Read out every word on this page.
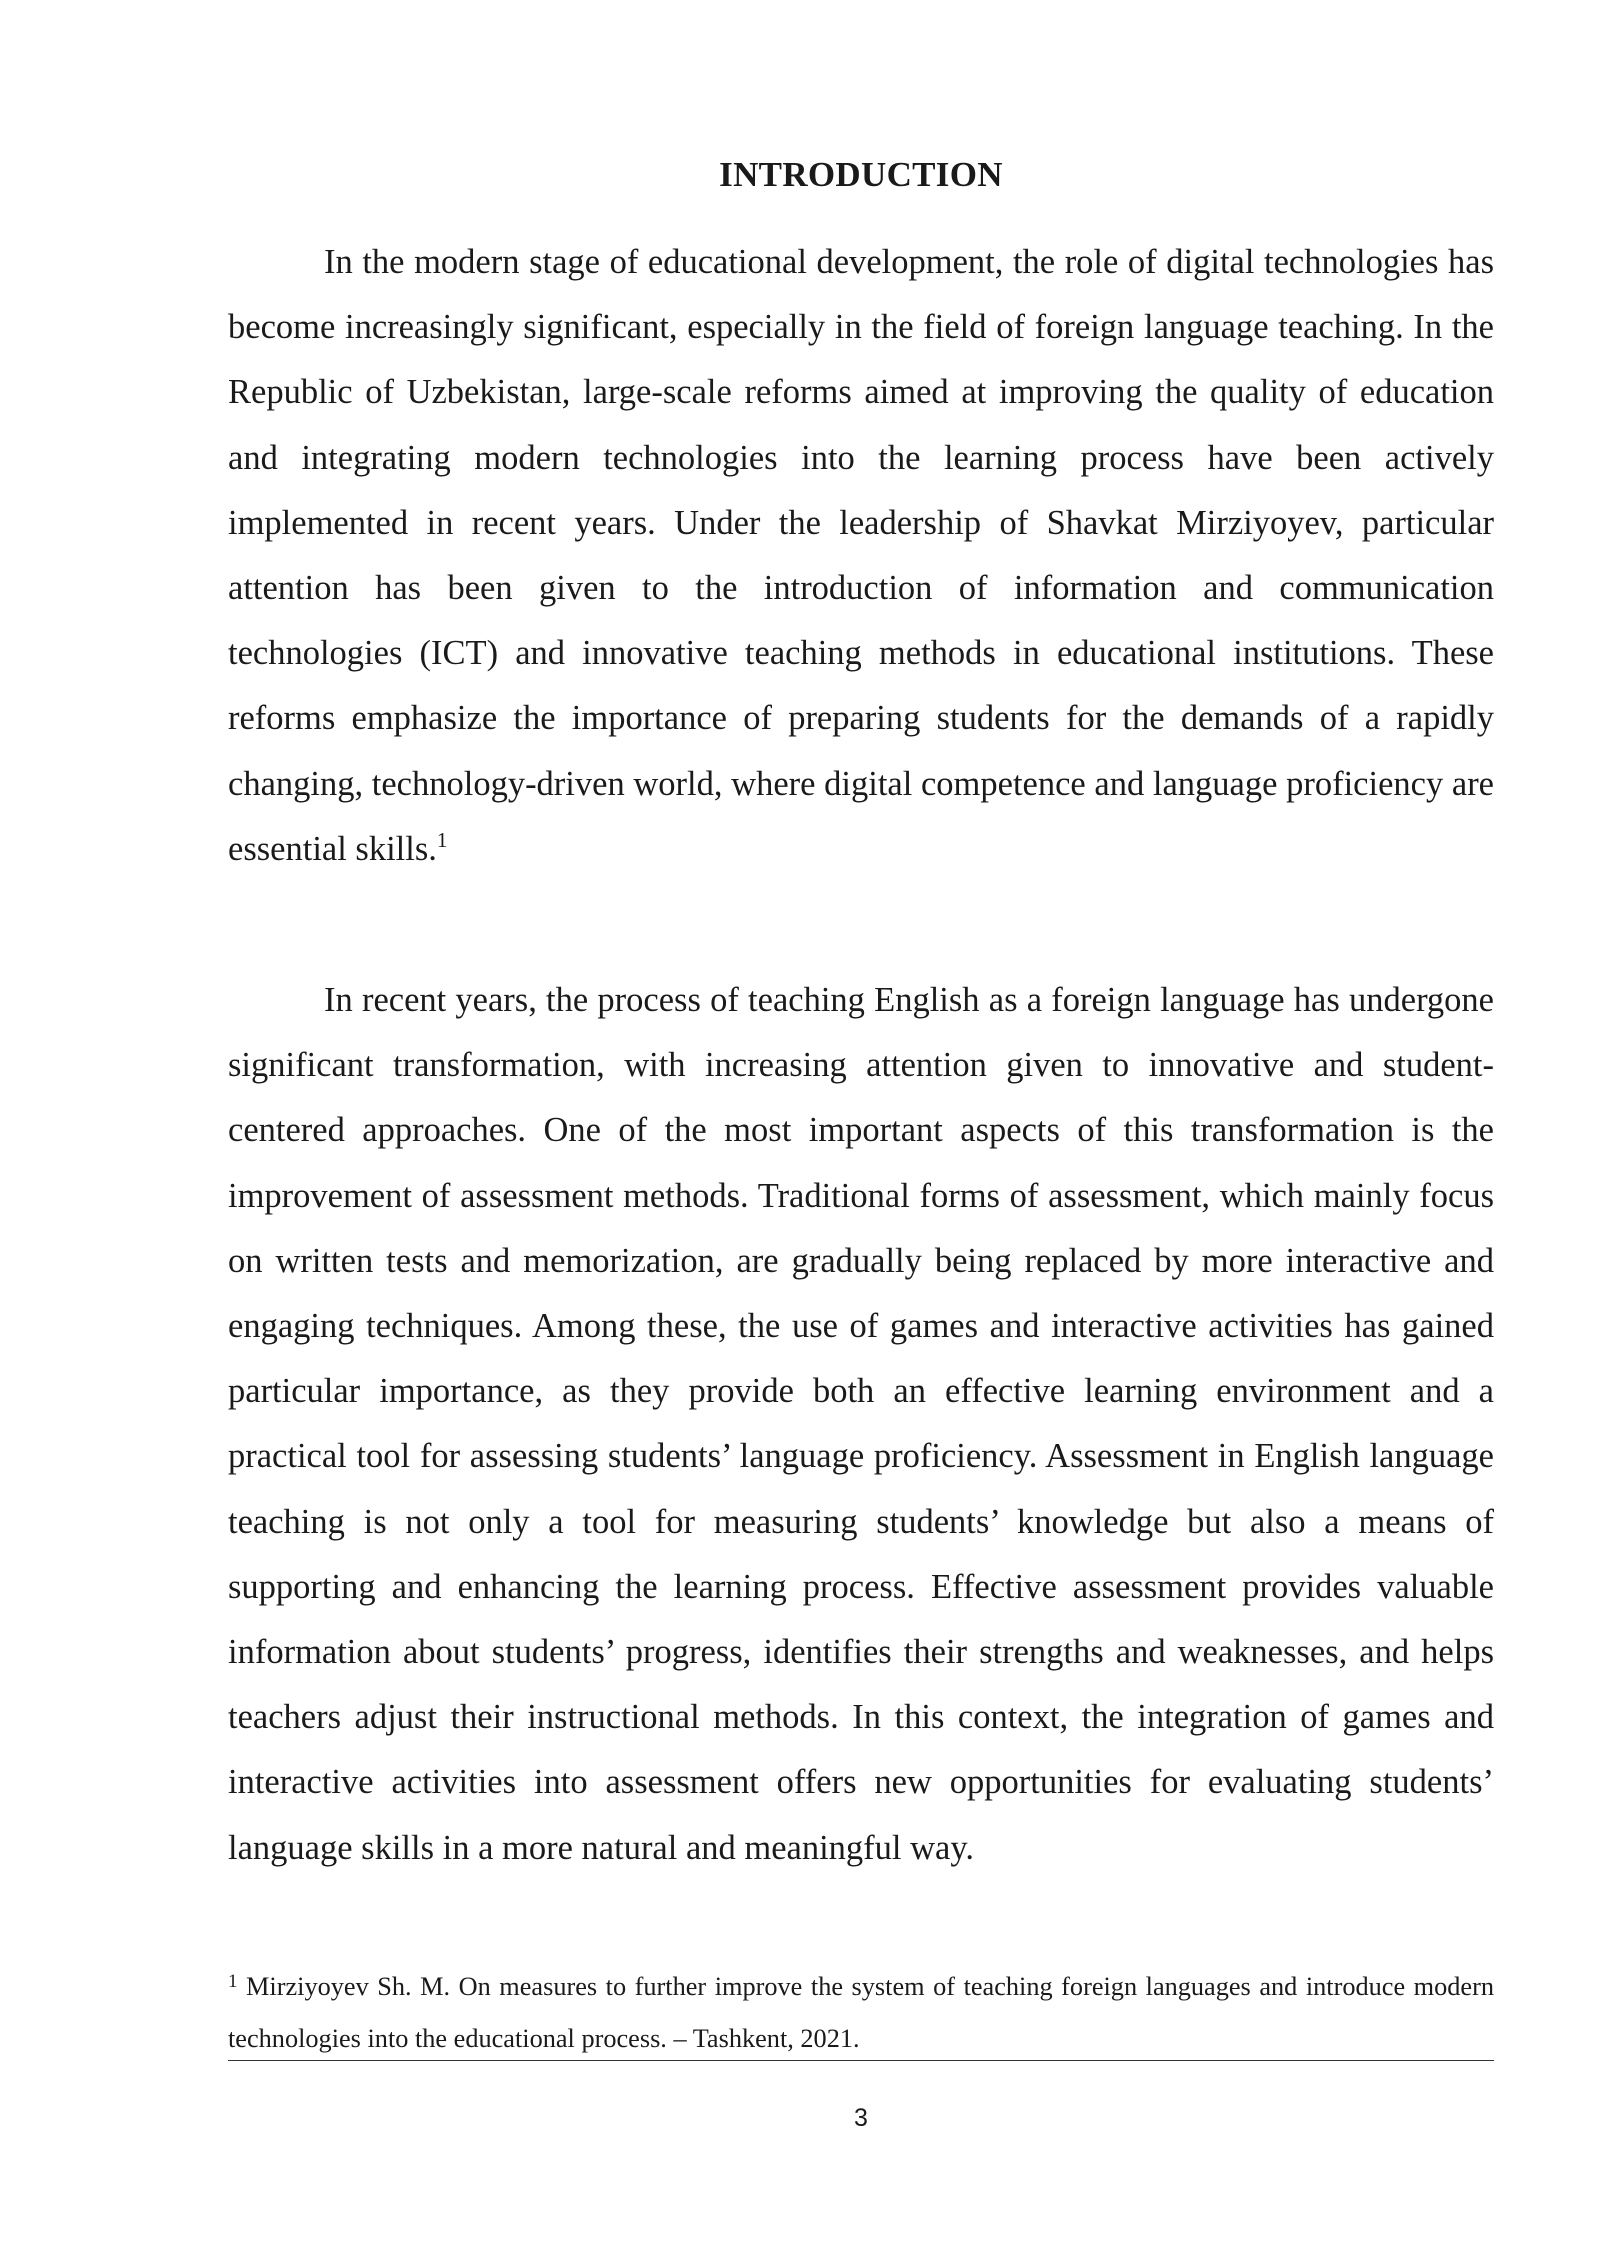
INTRODUCTION

In the modern stage of educational development, the role of digital technologies has become increasingly significant, especially in the field of foreign language teaching. In the Republic of Uzbekistan, large-scale reforms aimed at improving the quality of education and integrating modern technologies into the learning process have been actively implemented in recent years. Under the leadership of Shavkat Mirziyoyev, particular attention has been given to the introduction of information and communication technologies (ICT) and innovative teaching methods in educational institutions. These reforms emphasize the importance of preparing students for the demands of a rapidly changing, technology-driven world, where digital competence and language proficiency are essential skills.$^1$

In recent years, the process of teaching English as a foreign language has undergone significant transformation, with increasing attention given to innovative and student-centered approaches. One of the most important aspects of this transformation is the improvement of assessment methods. Traditional forms of assessment, which mainly focus on written tests and memorization, are gradually being replaced by more interactive and engaging techniques. Among these, the use of games and interactive activities has gained particular importance, as they provide both an effective learning environment and a practical tool for assessing students’ language proficiency. Assessment in English language teaching is not only a tool for measuring students’ knowledge but also a means of supporting and enhancing the learning process. Effective assessment provides valuable information about students’ progress, identifies their strengths and weaknesses, and helps teachers adjust their instructional methods. In this context, the integration of games and interactive activities into assessment offers new opportunities for evaluating students’ language skills in a more natural and meaningful way.

$^1$ Mirziyoyev Sh. M. On measures to further improve the system of teaching foreign languages and introduce modern technologies into the educational process. – Tashkent, 2021.

3
